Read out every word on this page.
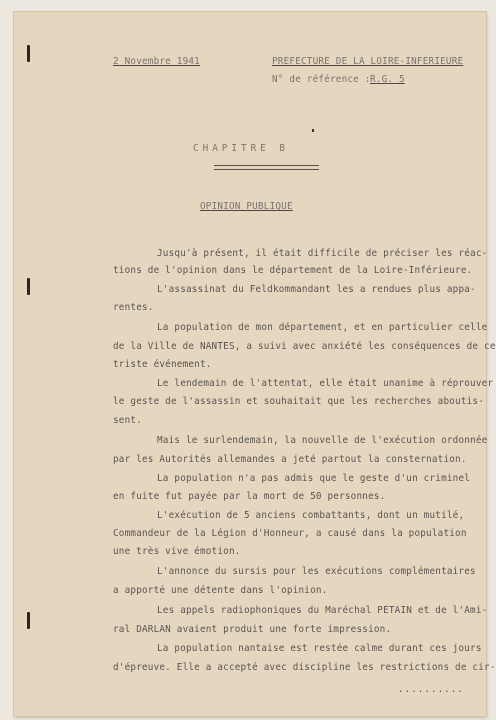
2 Novembre 1941	PREFECTURE DE LA LOIRE-INFERIEURE
N° de référence : R.G. 5
CHAPITRE B
OPINION PUBLIQUE
Jusqu'à présent, il était difficile de préciser les réac-
tions de l'opinion dans le département de la Loire-Inférieure.
L'assassinat du Feldkommandant les a rendues plus appa-
rentes.
La population de mon département, et en particulier celle
de la Ville de NANTES, a suivi avec anxiété les conséquences de ce
triste événement.
Le lendemain de l'attentat, elle était unanime à réprouver
le geste de l'assassin et souhaitait que les recherches aboutis-
sent.
Mais le surlendemain, la nouvelle de l'exécution ordonnée
par les Autorités allemandes a jeté partout la consternation.
La population n'a pas admis que le geste d'un criminel
en fuite fut payée par la mort de 50 personnes.
L'exécution de 5 anciens combattants, dont un mutilé,
Commandeur de la Légion d'Honneur, a causé dans la population
une très vive émotion.
L'annonce du sursis pour les exécutions complémentaires
a apporté une détente dans l'opinion.
Les appels radiophoniques du Maréchal PETAIN et de l'Ami-
ral DARLAN avaient produit une forte impression.
La population nantaise est restée calme durant ces jours
d'épreuve. Elle a accepté avec discipline les restrictions de cir-
..........
